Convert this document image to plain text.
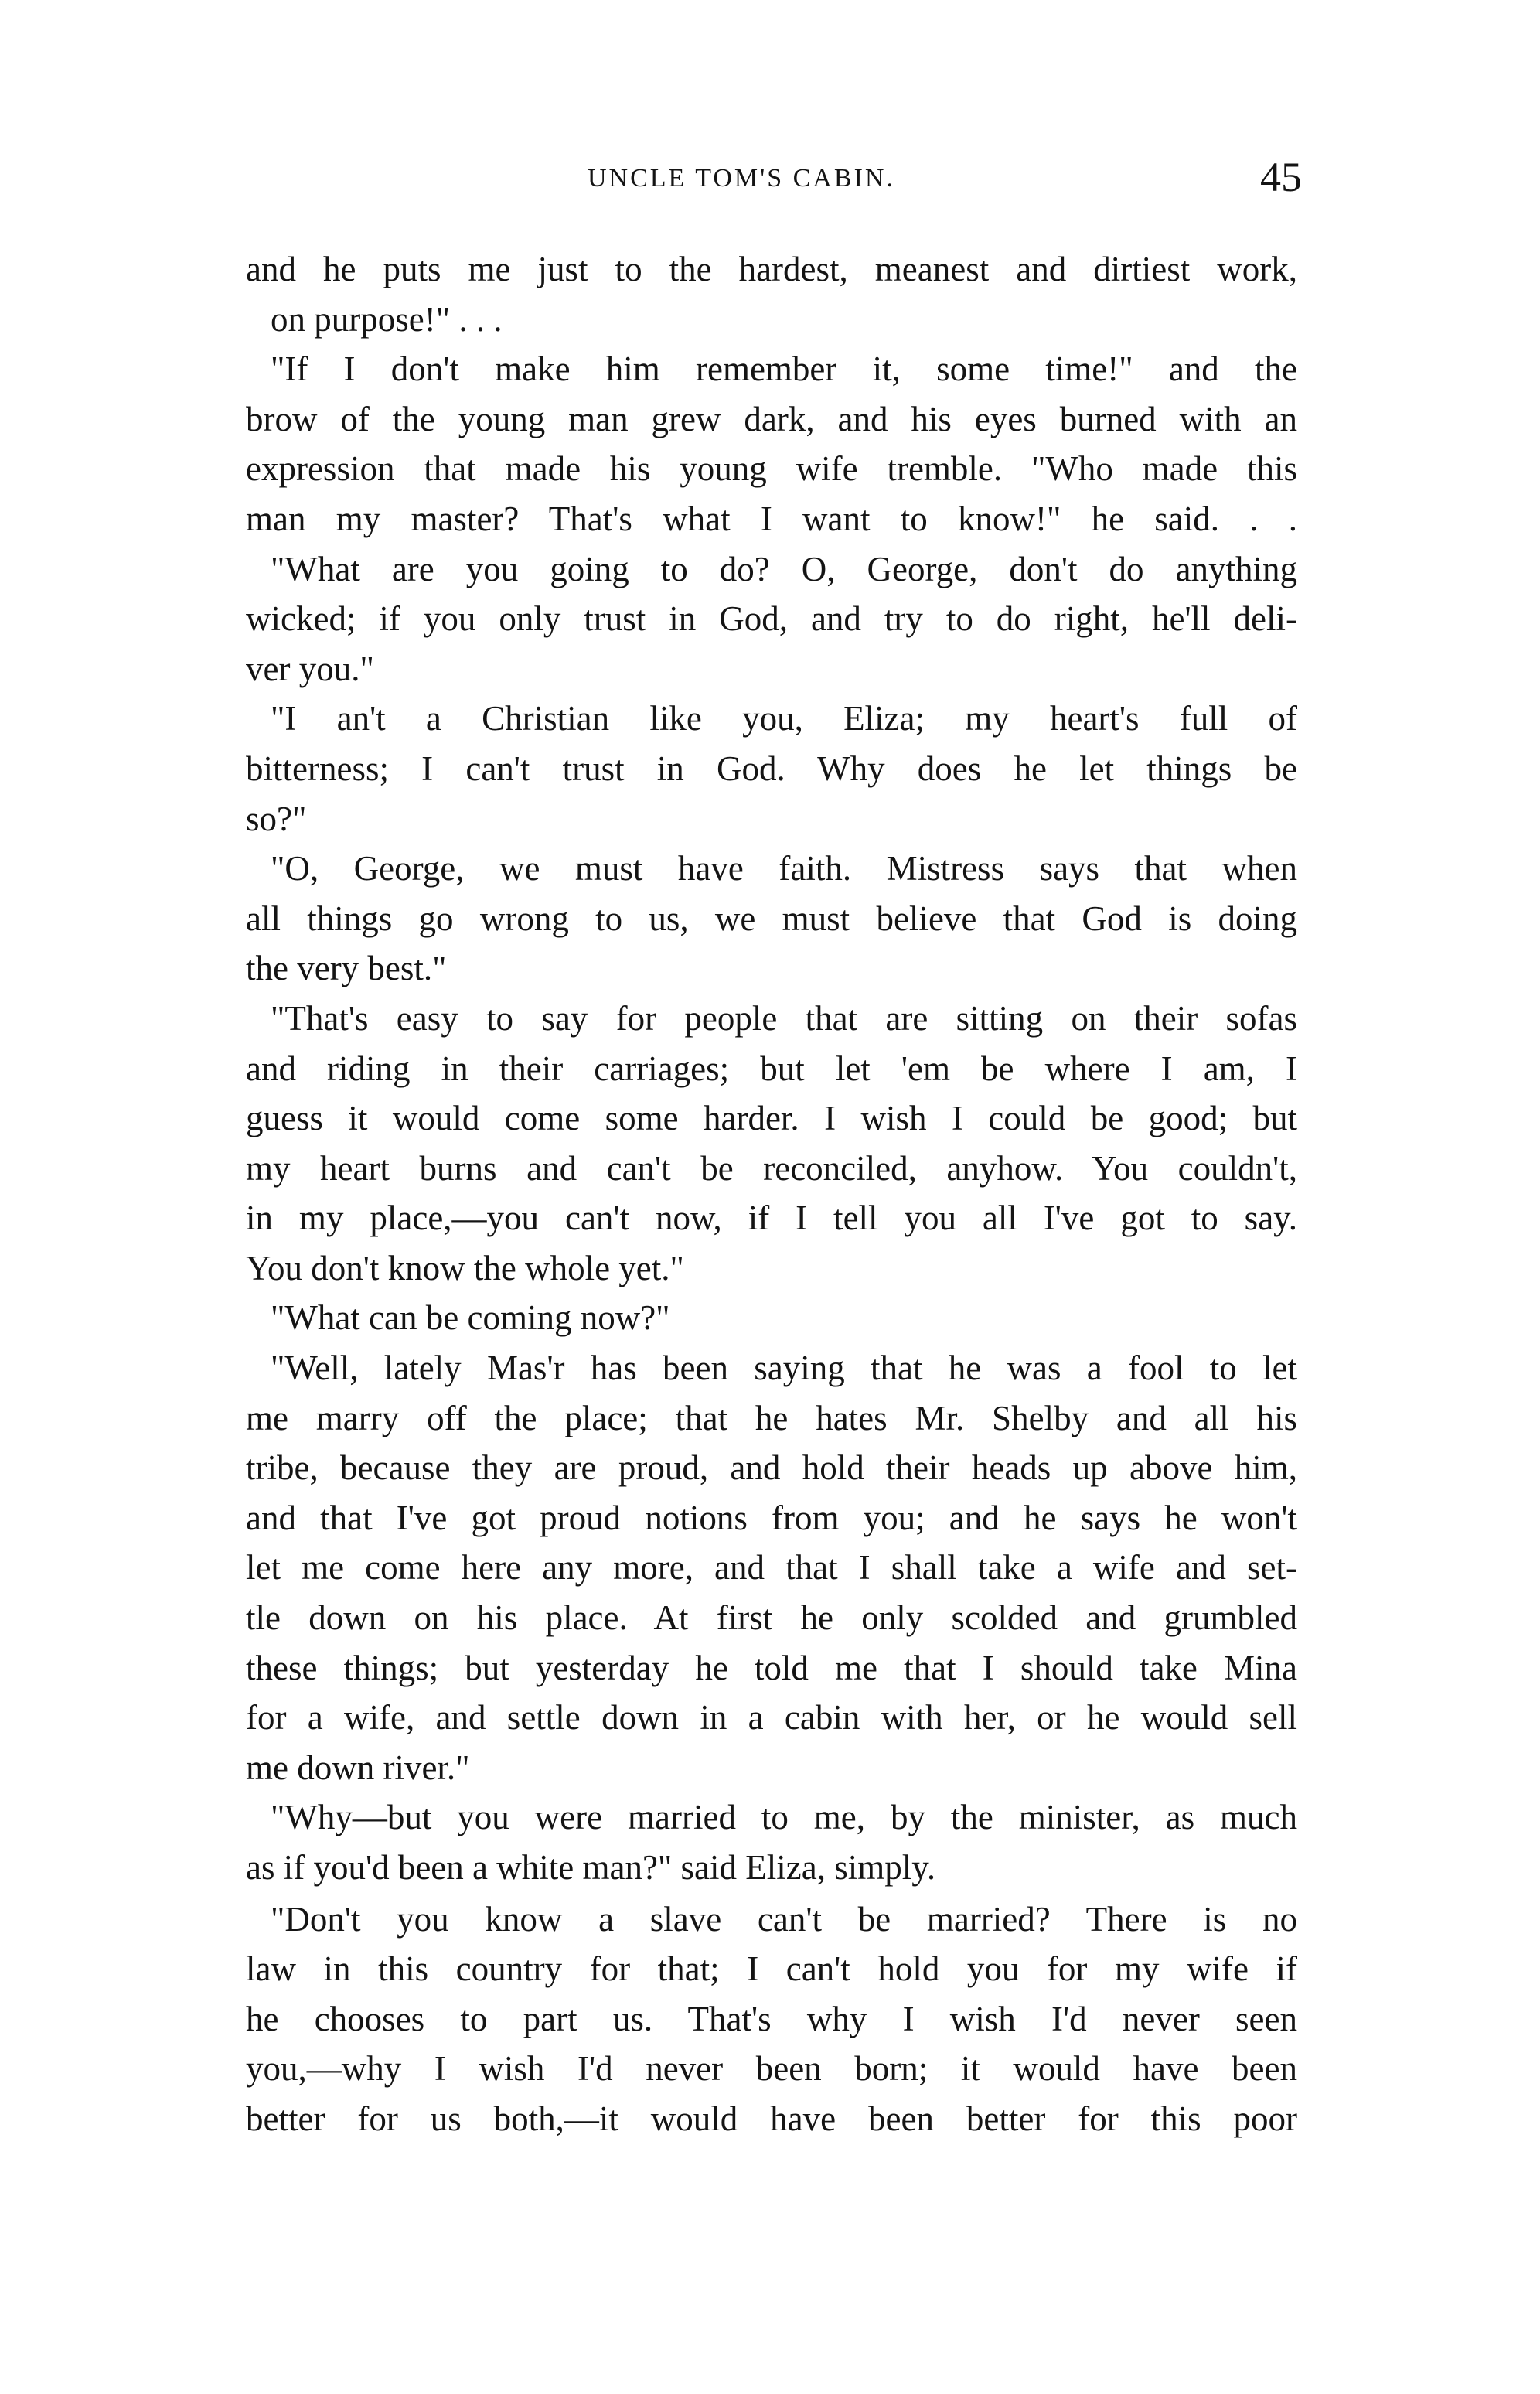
UNCLE TOM'S CABIN.	45
and he puts me just to the hardest, meanest and dirtiest work,
on purpose!" . . .
"If I don't make him remember it, some time!" and the
brow of the young man grew dark, and his eyes burned with an
expression that made his young wife tremble. "Who made this
man my master? That's what I want to know!" he said. . .
"What are you going to do? O, George, don't do anything
wicked; if you only trust in God, and try to do right, he'll deli-
ver you."
"I an't a Christian like you, Eliza; my heart's full of
bitterness; I can't trust in God. Why does he let things be
so?"
"O, George, we must have faith. Mistress says that when
all things go wrong to us, we must believe that God is doing
the very best."
"That's easy to say for people that are sitting on their sofas
and riding in their carriages; but let 'em be where I am, I
guess it would come some harder. I wish I could be good; but
my heart burns and can't be reconciled, anyhow. You couldn't,
in my place,—you can't now, if I tell you all I've got to say.
You don't know the whole yet."
"What can be coming now?"
"Well, lately Mas'r has been saying that he was a fool to let
me marry off the place; that he hates Mr. Shelby and all his
tribe, because they are proud, and hold their heads up above him,
and that I've got proud notions from you; and he says he won't
let me come here any more, and that I shall take a wife and set-
tle down on his place. At first he only scolded and grumbled
these things; but yesterday he told me that I should take Mina
for a wife, and settle down in a cabin with her, or he would sell
me down river."
"Why—but you were married to me, by the minister, as much
as if you'd been a white man?" said Eliza, simply.
"Don't you know a slave can't be married? There is no
law in this country for that; I can't hold you for my wife if
he chooses to part us. That's why I wish I'd never seen
you,—why I wish I'd never been born; it would have been
better for us both,—it would have been better for this poor
